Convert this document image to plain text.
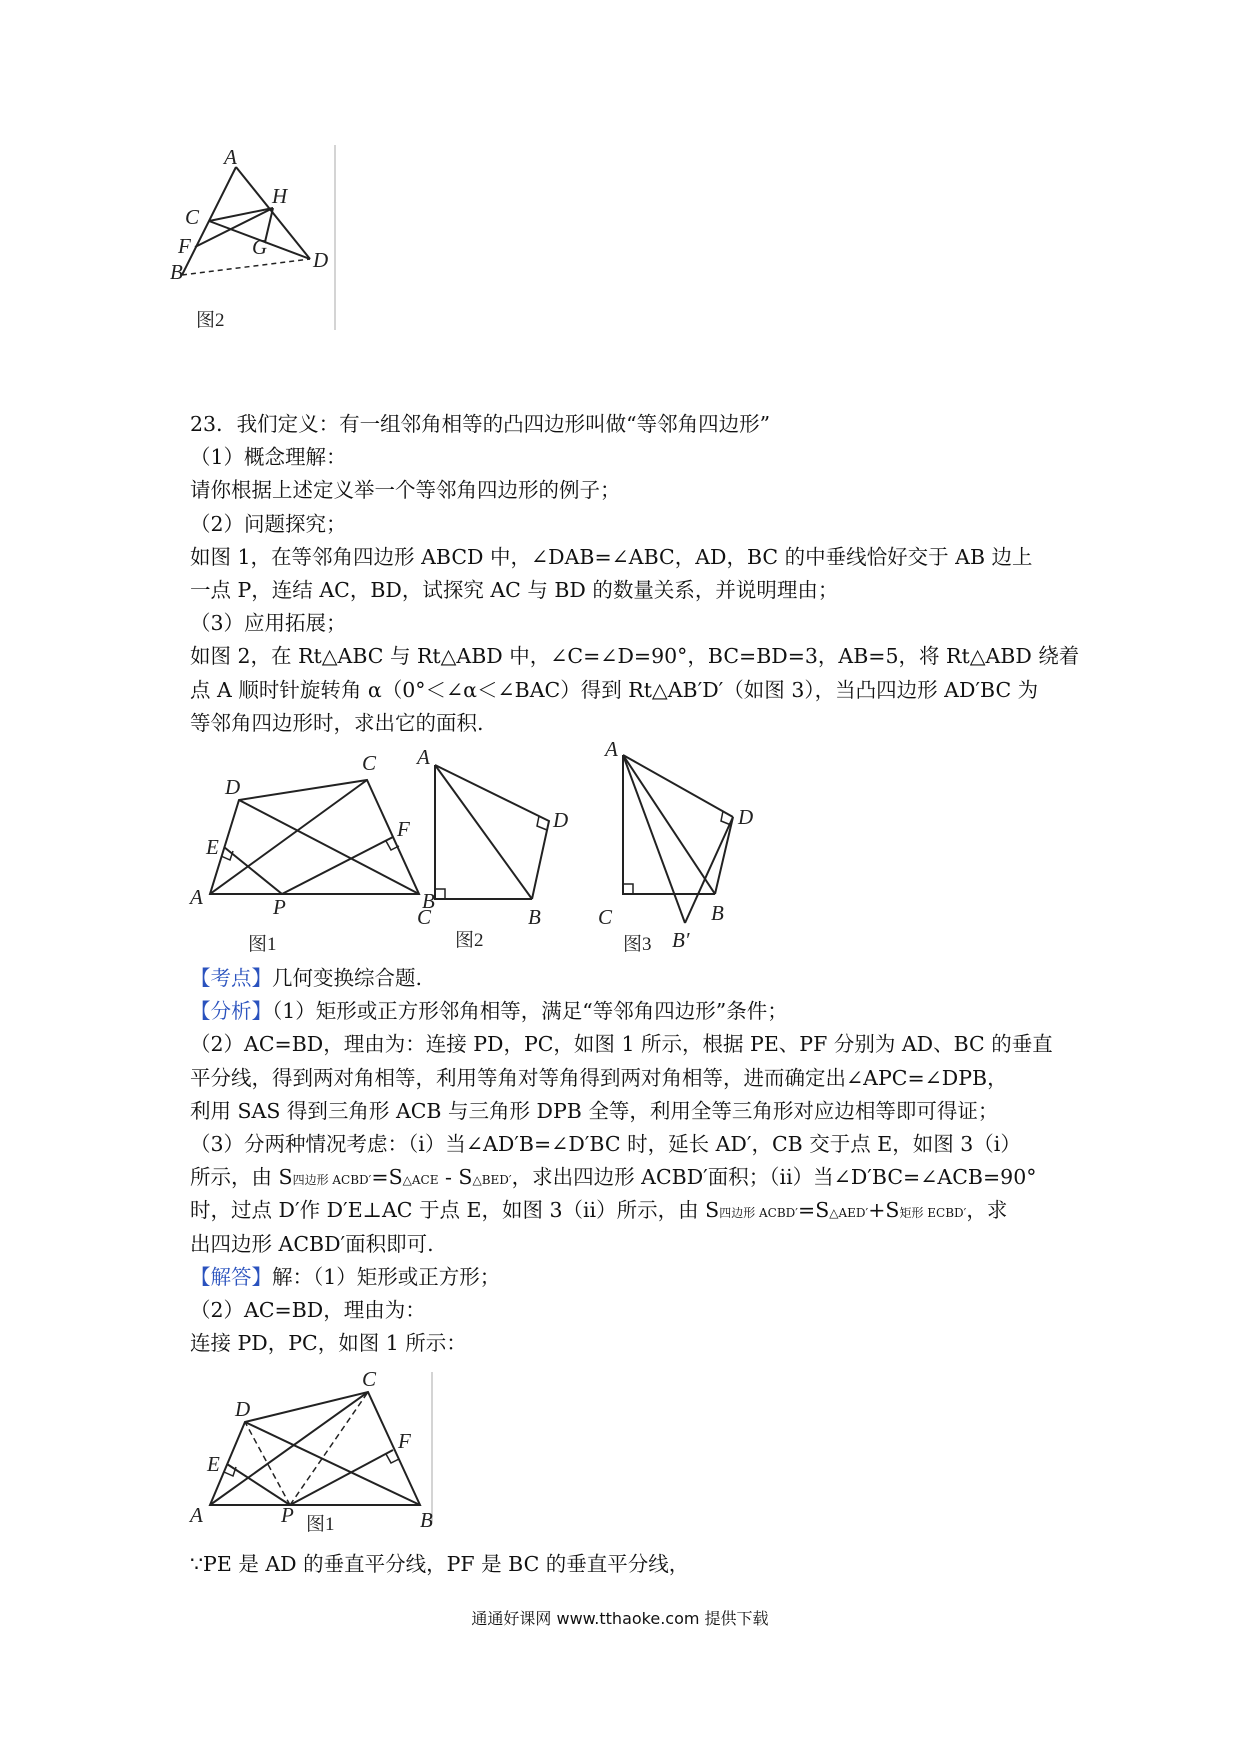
A
H
C
F	G
B	D
图2
23．我们定义：有一组邻角相等的凸四边形叫做“等邻角四边形”
（1）概念理解：
请你根据上述定义举一个等邻角四边形的例子；
（2）问题探究；
如图 1，在等邻角四边形 ABCD 中，∠DAB=∠ABC，AD，BC 的中垂线恰好交于 AB 边上
一点 P，连结 AC，BD，试探究 AC 与 BD 的数量关系，并说明理由；
（3）应用拓展；
如图 2，在 Rt△ABC 与 Rt△ABD 中，∠C=∠D=90°，BC=BD=3，AB=5，将 Rt△ABD 绕着
点 A 顺时针旋转角 α（0°＜∠α＜∠BAC）得到 Rt△AB′D′（如图 3），当凸四边形 AD′BC 为
等邻角四边形时，求出它的面积.
A	B
C
D
E
F
P
图1
A
B
C
D
图2
A
B
C
D
B′
图3
【考点】几何变换综合题.
【分析】（1）矩形或正方形邻角相等，满足“等邻角四边形”条件；
（2）AC=BD，理由为：连接 PD，PC，如图 1 所示，根据 PE、PF 分别为 AD、BC 的垂直
平分线，得到两对角相等，利用等角对等角得到两对角相等，进而确定出∠APC=∠DPB，
利用 SAS 得到三角形 ACB 与三角形 DPB 全等，利用全等三角形对应边相等即可得证；
（3）分两种情况考虑：（i）当∠AD′B=∠D′BC 时，延长 AD′，CB 交于点 E，如图 3（i）
所示，由 S四边形 ACBD′=S△ACE - S△BED′，求出四边形 ACBD′面积；（ii）当∠D′BC=∠ACB=90°
时，过点 D′作 D′E⊥AC 于点 E，如图 3（ii）所示，由 S四边形 ACBD′=S△AED′+S矩形 ECBD′，求
出四边形 ACBD′面积即可.
【解答】解：（1）矩形或正方形；
（2）AC=BD，理由为：
连接 PD，PC，如图 1 所示：
A	B
C
D
E
F
P 图1
∵PE 是 AD 的垂直平分线，PF 是 BC 的垂直平分线，
通通好课网 www.tthaoke.com 提供下载
